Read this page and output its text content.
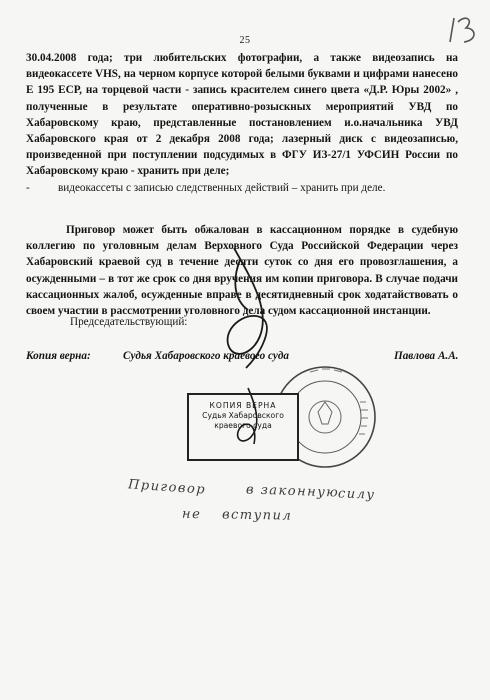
25
30.04.2008 года; три любительских фотографии, а также видеозапись на видеокассете VHS, на черном корпусе которой белыми буквами и цифрами нанесено Е 195 ЕСР, на торцевой части - запись красителем синего цвета «Д.Р. Юры 2002» , полученные в результате оперативно-розыскных мероприятий УВД по Хабаровскому краю, представленные постановлением и.о.начальника УВД Хабаровского края от 2 декабря 2008 года; лазерный диск с видеозаписью, произведенной при поступлении подсудимых в ФГУ ИЗ-27/1 УФСИН России по Хабаровскому краю - хранить при деле;
-	видеокассеты с записью следственных действий – хранить при деле.
Приговор может быть обжалован в кассационном порядке в судебную коллегию по уголовным делам Верховного Суда Российской Федерации через Хабаровский краевой суд в течение десяти суток со дня его провозглашения, а осужденными – в тот же срок со дня вручения им копии приговора. В случае подачи кассационных жалоб, осужденные вправе в десятидневный срок ходатайствовать о своем участии в рассмотрении уголовного дела судом кассационной инстанции.
Председательствующий:
Копия верна:	Судья Хабаровского краевого суда	Павлова А.А.
КОПИЯ ВЕРНА
Судья Хабаровского
краевого суда
Приговор	в законную
силу
не вступил
